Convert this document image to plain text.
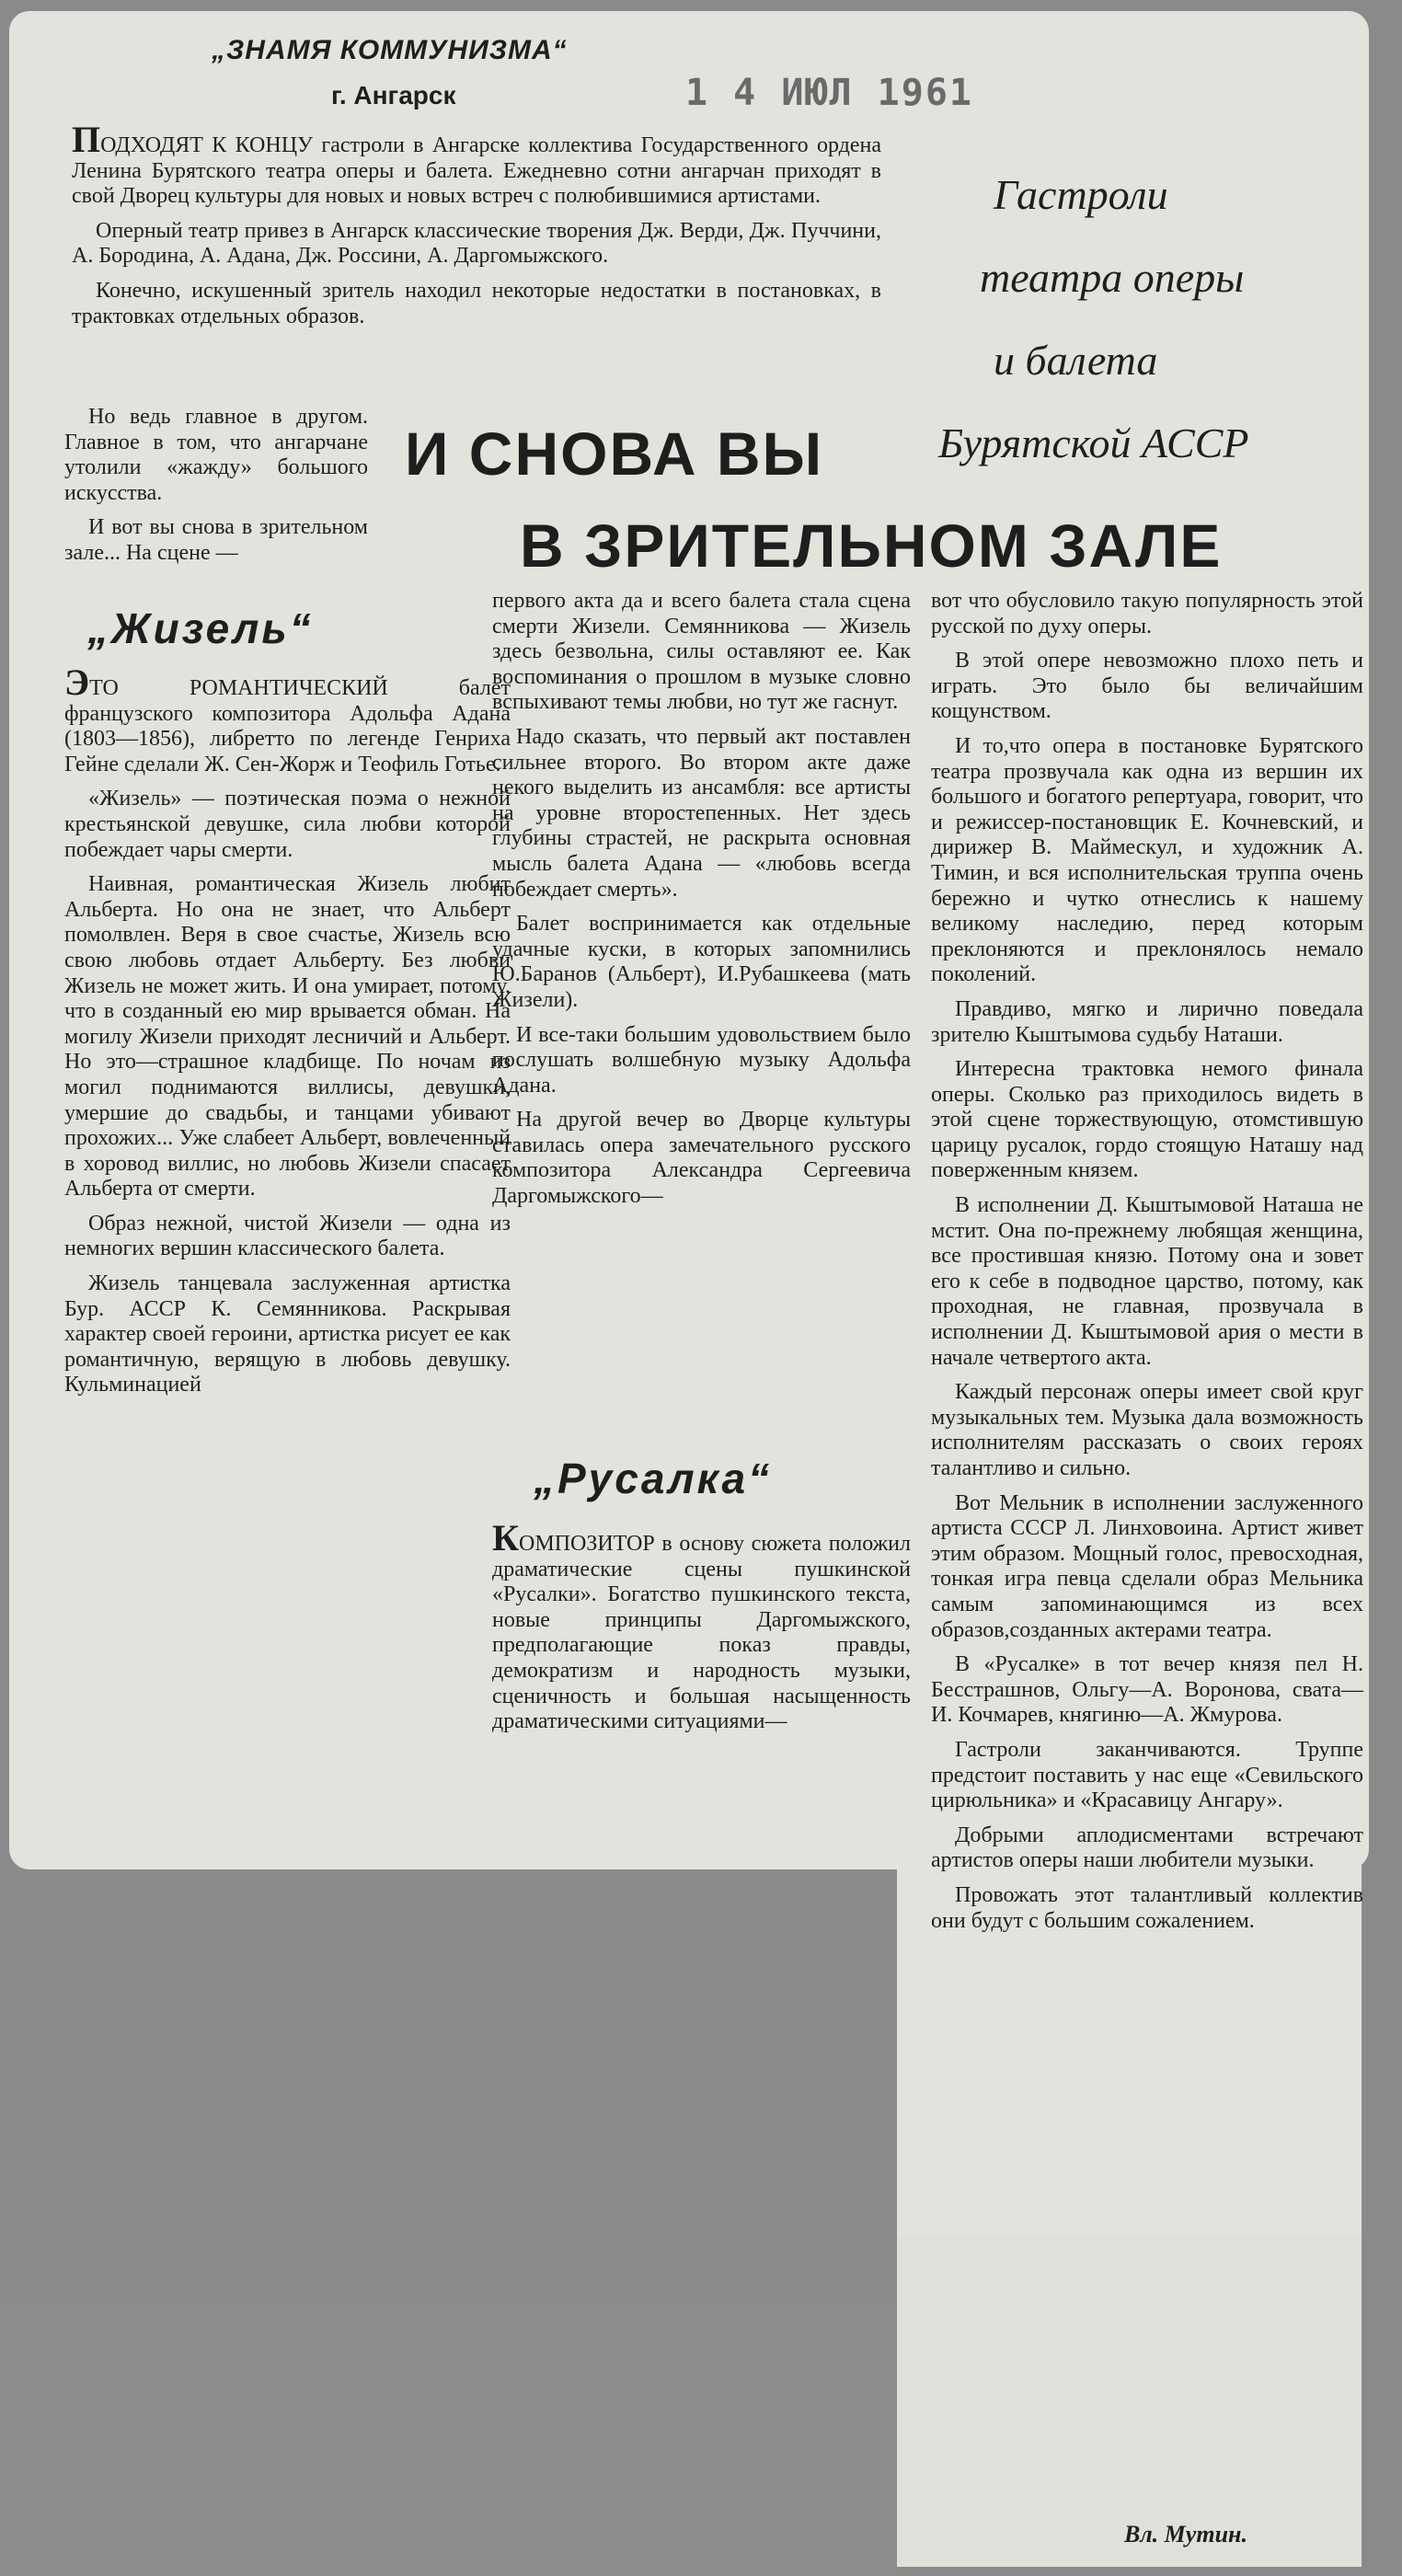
„ЗНАМЯ КОММУНИЗМА“
г. Ангарск	1 4 ИЮЛ 1961

ПОДХОДЯТ К КОНЦУ гастроли в Ангарске коллектива Государственного ордена Ленина Бурятского театра оперы и балета. Ежедневно сотни ангарчан приходят в свой Дворец культуры для новых и новых встреч с полюбившимися артистами.

Оперный театр привез в Ангарск классические творения Дж. Верди, Дж. Пуччини, А. Бородина, А. Адана, Дж. Россини, А. Даргомыжского.

Конечно, искушенный зритель находил некоторые недостатки в постановках, в трактовках отдельных образов.

Гастроли
театра оперы
и балета
Бурятской АССР
И СНОВА ВЫ
В ЗРИТЕЛЬНОМ ЗАЛЕ

Но ведь главное в другом. Главное в том, что ангарчане утолили «жажду» большого искусства.

И вот вы снова в зрительном зале... На сцене —

„Жизель“

ЭТО РОМАНТИЧЕСКИЙ балет французского композитора Адольфа Адана (1803—1856), либретто по легенде Генриха Гейне сделали Ж. Сен-Жорж и Теофиль Готье.

«Жизель» — поэтическая поэма о нежной крестьянской девушке, сила любви которой побеждает чары смерти.

Наивная, романтическая Жизель любит Альберта. Но она не знает, что Альберт помолвлен. Веря в свое счастье, Жизель всю свою любовь отдает Альберту. Без любви Жизель не может жить. И она умирает, потому, что в созданный ею мир врывается обман. На могилу Жизели приходят лесничий и Альберт. Но это—страшное кладбище. По ночам из могил поднимаются виллисы, девушки, умершие до свадьбы, и танцами убивают прохожих... Уже слабеет Альберт, вовлеченный в хоровод виллис, но любовь Жизели спасает Альберта от смерти.

Образ нежной, чистой Жизели — одна из немногих вершин классического балета.

Жизель танцевала заслуженная артистка Бур. АССР К. Семянникова. Раскрывая характер своей героини, артистка рисует ее как романтичную, верящую в любовь девушку. Кульминацией

первого акта да и всего балета стала сцена смерти Жизели. Семянникова — Жизель здесь безвольна, силы оставляют ее. Как воспоминания о прошлом в музыке словно вспыхивают темы любви, но тут же гаснут.

Надо сказать, что первый акт поставлен сильнее второго. Во втором акте даже некого выделить из ансамбля: все артисты на уровне второстепенных. Нет здесь глубины страстей, не раскрыта основная мысль балета Адана — «любовь всегда побеждает смерть».

Балет воспринимается как отдельные удачные куски, в которых запомнились Ю.Баранов (Альберт), И.Рубашкеева (мать Жизели).

И все-таки большим удовольствием было послушать волшебную музыку Адольфа Адана.

На другой вечер во Дворце культуры ставилась опера замечательного русского композитора Александра Сергеевича Даргомыжского—

„Русалка“

КОМПОЗИТОР в основу сюжета положил драматические сцены пушкинской «Русалки». Богатство пушкинского текста, новые принципы Даргомыжского, предполагающие показ правды, демократизм и народность музыки, сценичность и большая насыщенность драматическими ситуациями—

вот что обусловило такую популярность этой русской по духу оперы.

В этой опере невозможно плохо петь и играть. Это было бы величайшим кощунством.

И то,что опера в постановке Бурятского театра прозвучала как одна из вершин их большого и богатого репертуара, говорит, что и режиссер-постановщик Е. Кочневский, и дирижер В. Маймескул, и художник А. Тимин, и вся исполнительская труппа очень бережно и чутко отнеслись к нашему великому наследию, перед которым преклоняются и преклонялось немало поколений.

Правдиво, мягко и лирично поведала зрителю Кыштымова судьбу Наташи.

Интересна трактовка немого финала оперы. Сколько раз приходилось видеть в этой сцене торжествующую, отомстившую царицу русалок, гордо стоящую Наташу над поверженным князем.

В исполнении Д. Кыштымовой Наташа не мстит. Она по-прежнему любящая женщина, все простившая князю. Потому она и зовет его к себе в подводное царство, потому, как проходная, не главная, прозвучала в исполнении Д. Кыштымовой ария о мести в начале четвертого акта.

Каждый персонаж оперы имеет свой круг музыкальных тем. Музыка дала возможность исполнителям рассказать о своих героях талантливо и сильно.

Вот Мельник в исполнении заслуженного артиста СССР Л. Линховоина. Артист живет этим образом. Мощный голос, превосходная, тонкая игра певца сделали образ Мельника самым запоминающимся из всех образов,созданных актерами театра.

В «Русалке» в тот вечер князя пел Н. Бесстрашнов, Ольгу—А. Воронова, свата—И. Кочмарев, княгиню—А. Жмурова.

Гастроли заканчиваются. Труппе предстоит поставить у нас еще «Севильского цирюльника» и «Красавицу Ангару».

Добрыми аплодисментами встречают артистов оперы наши любители музыки.

Провожать этот талантливый коллектив они будут с большим сожалением.

Вл. Мутин.
